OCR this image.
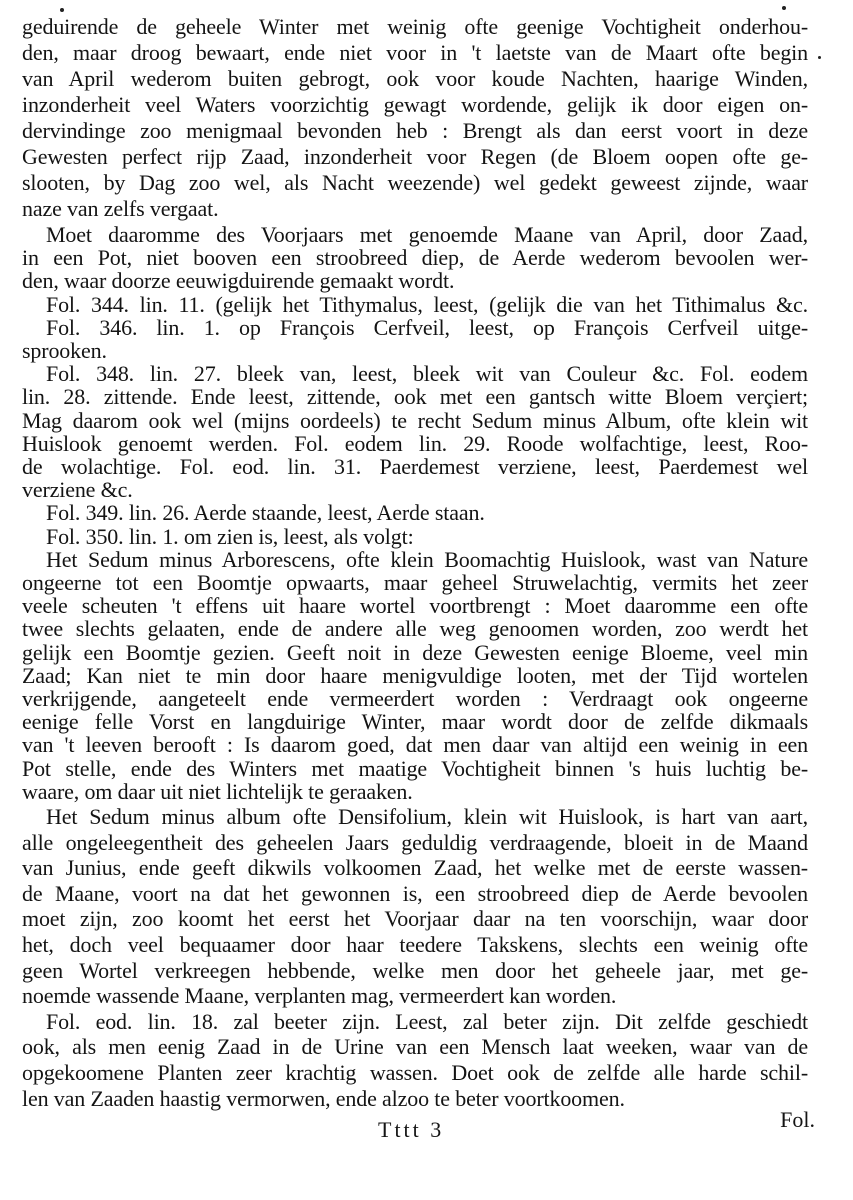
geduirende de geheele Winter met weinig ofte geenige Vochtigheit onderhou-
den, maar droog bewaart, ende niet voor in 't laetste van de Maart ofte begin
van April wederom buiten gebrogt, ook voor koude Nachten, haarige Winden,
inzonderheit veel Waters voorzichtig gewagt wordende, gelijk ik door eigen on-
dervindinge zoo menigmaal bevonden heb : Brengt als dan eerst voort in deze
Gewesten perfect rijp Zaad, inzonderheit voor Regen (de Bloem oopen ofte ge-
slooten, by Dag zoo wel, als Nacht weezende) wel gedekt geweest zijnde, waar
naze van zelfs vergaat.
Moet daaromme des Voorjaars met genoemde Maane van April, door Zaad,
in een Pot, niet booven een stroobreed diep, de Aerde wederom bevoolen wer-
den, waar doorze eeuwigduirende gemaakt wordt.
Fol. 344. lin. 11. (gelijk het Tithymalus, leest, (gelijk die van het Tithimalus &c.
Fol. 346. lin. 1. op François Cerfveil, leest, op François Cerfveil uitge-
sprooken.
Fol. 348. lin. 27. bleek van, leest, bleek wit van Couleur &c. Fol. eodem
lin. 28. zittende. Ende leest, zittende, ook met een gantsch witte Bloem verçiert;
Mag daarom ook wel (mijns oordeels) te recht Sedum minus Album, ofte klein wit
Huislook genoemt werden. Fol. eodem lin. 29. Roode wolfachtige, leest, Roo-
de wolachtige. Fol. eod. lin. 31. Paerdemest verziene, leest, Paerdemest wel
verziene &c.
Fol. 349. lin. 26. Aerde staande, leest, Aerde staan.
Fol. 350. lin. 1. om zien is, leest, als volgt:
Het Sedum minus Arborescens, ofte klein Boomachtig Huislook, wast van Nature
ongeerne tot een Boomtje opwaarts, maar geheel Struwelachtig, vermits het zeer
veele scheuten 't effens uit haare wortel voortbrengt : Moet daaromme een ofte
twee slechts gelaaten, ende de andere alle weg genoomen worden, zoo werdt het
gelijk een Boomtje gezien. Geeft noit in deze Gewesten eenige Bloeme, veel min
Zaad; Kan niet te min door haare menigvuldige looten, met der Tijd wortelen
verkrijgende, aangeteelt ende vermeerdert worden : Verdraagt ook ongeerne
eenige felle Vorst en langduirige Winter, maar wordt door de zelfde dikmaals
van 't leeven berooft : Is daarom goed, dat men daar van altijd een weinig in een
Pot stelle, ende des Winters met maatige Vochtigheit binnen 's huis luchtig be-
waare, om daar uit niet lichtelijk te geraaken.
Het Sedum minus album ofte Densifolium, klein wit Huislook, is hart van aart,
alle ongeleegentheit des geheelen Jaars geduldig verdraagende, bloeit in de Maand
van Junius, ende geeft dikwils volkoomen Zaad, het welke met de eerste wassen-
de Maane, voort na dat het gewonnen is, een stroobreed diep de Aerde bevoolen
moet zijn, zoo koomt het eerst het Voorjaar daar na ten voorschijn, waar door
het, doch veel bequaamer door haar teedere Takskens, slechts een weinig ofte
geen Wortel verkreegen hebbende, welke men door het geheele jaar, met ge-
noemde wassende Maane, verplanten mag, vermeerdert kan worden.
Tttt 3	Fol.
Fol. eod. lin. 18. zal beeter zijn. Leest, zal beter zijn. Dit zelfde geschiedt
ook, als men eenig Zaad in de Urine van een Mensch laat weeken, waar van de
opgekoomene Planten zeer krachtig wassen. Doet ook de zelfde alle harde schil-
len van Zaaden haastig vermorwen, ende alzoo te beter voortkoomen.
